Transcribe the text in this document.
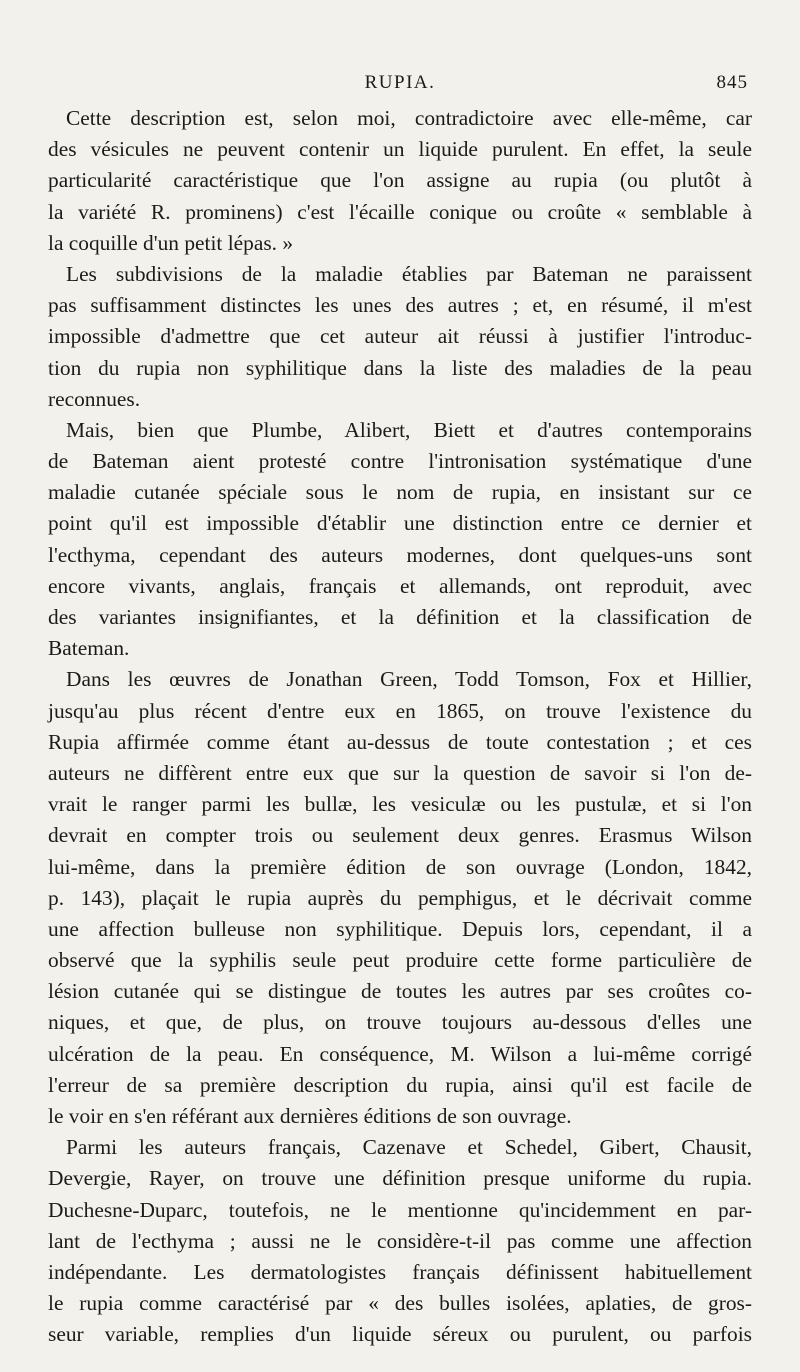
RUPIA.	845
Cette description est, selon moi, contradictoire avec elle-même, car
des vésicules ne peuvent contenir un liquide purulent. En effet, la seule
particularité caractéristique que l'on assigne au rupia (ou plutôt à
la variété R. prominens) c'est l'écaille conique ou croûte « semblable à
la coquille d'un petit lépas. »
Les subdivisions de la maladie établies par Bateman ne paraissent
pas suffisamment distinctes les unes des autres ; et, en résumé, il m'est
impossible d'admettre que cet auteur ait réussi à justifier l'introduc-
tion du rupia non syphilitique dans la liste des maladies de la peau
reconnues.
Mais, bien que Plumbe, Alibert, Biett et d'autres contemporains
de Bateman aient protesté contre l'intronisation systématique d'une
maladie cutanée spéciale sous le nom de rupia, en insistant sur ce
point qu'il est impossible d'établir une distinction entre ce dernier et
l'ecthyma, cependant des auteurs modernes, dont quelques-uns sont
encore vivants, anglais, français et allemands, ont reproduit, avec
des variantes insignifiantes, et la définition et la classification de
Bateman.
Dans les œuvres de Jonathan Green, Todd Tomson, Fox et Hillier,
jusqu'au plus récent d'entre eux en 1865, on trouve l'existence du
Rupia affirmée comme étant au-dessus de toute contestation ; et ces
auteurs ne diffèrent entre eux que sur la question de savoir si l'on de-
vrait le ranger parmi les bullæ, les vesiculæ ou les pustulæ, et si l'on
devrait en compter trois ou seulement deux genres. Erasmus Wilson
lui-même, dans la première édition de son ouvrage (London, 1842,
p. 143), plaçait le rupia auprès du pemphigus, et le décrivait comme
une affection bulleuse non syphilitique. Depuis lors, cependant, il a
observé que la syphilis seule peut produire cette forme particulière de
lésion cutanée qui se distingue de toutes les autres par ses croûtes co-
niques, et que, de plus, on trouve toujours au-dessous d'elles une
ulcération de la peau. En conséquence, M. Wilson a lui-même corrigé
l'erreur de sa première description du rupia, ainsi qu'il est facile de
le voir en s'en référant aux dernières éditions de son ouvrage.
Parmi les auteurs français, Cazenave et Schedel, Gibert, Chausit,
Devergie, Rayer, on trouve une définition presque uniforme du rupia.
Duchesne-Duparc, toutefois, ne le mentionne qu'incidemment en par-
lant de l'ecthyma ; aussi ne le considère-t-il pas comme une affection
indépendante. Les dermatologistes français définissent habituellement
le rupia comme caractérisé par « des bulles isolées, aplaties, de gros-
seur variable, remplies d'un liquide séreux ou purulent, ou parfois
